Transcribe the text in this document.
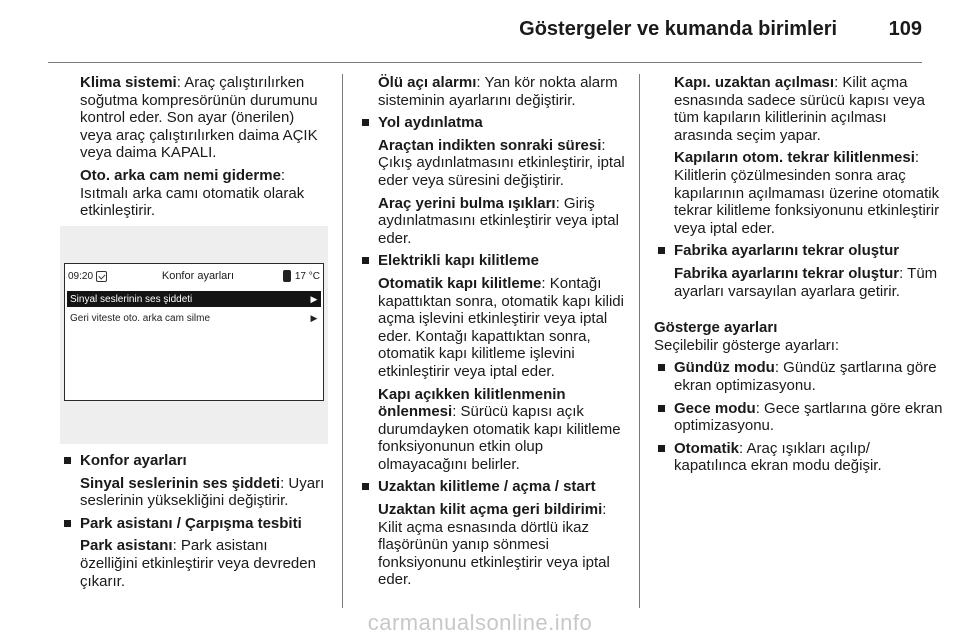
Göstergeler ve kumanda birimleri	109

Klima sistemi: Araç çalıştırılırken soğutma kompresörünün durumunu kontrol eder. Son ayar (önerilen) veya araç çalıştırılırken daima AÇIK veya daima KAPALI.

Oto. arka cam nemi giderme: Isıtmalı arka camı otomatik olarak etkinleştirir.

09:20	Konfor ayarları	17 °C
Sinyal seslerinin ses şiddeti	▶
Geri viteste oto. arka cam silme	▶
Konfor ayarları

Sinyal seslerinin ses şiddeti: Uyarı seslerinin yüksekliğini değiştirir.

Park asistanı / Çarpışma tesbiti

Park asistanı: Park asistanı özelliğini etkinleştirir veya devreden çıkarır.

Ölü açı alarmı: Yan kör nokta alarm sisteminin ayarlarını değiştirir.

Yol aydınlatma

Araçtan indikten sonraki süresi: Çıkış aydınlatmasını etkinleştirir, iptal eder veya süresini değiştirir.

Araç yerini bulma ışıkları: Giriş aydınlatmasını etkinleştirir veya iptal eder.

Elektrikli kapı kilitleme

Otomatik kapı kilitleme: Kontağı kapattıktan sonra, otomatik kapı kilidi açma işlevini etkinleştirir veya iptal eder. Kontağı kapattıktan sonra, otomatik kapı kilitleme işlevini etkinleştirir veya iptal eder.

Kapı açıkken kilitlenmenin önlenmesi: Sürücü kapısı açık durumdayken otomatik kapı kilitleme fonksiyonunun etkin olup olmayacağını belirler.

Uzaktan kilitleme / açma / start

Uzaktan kilit açma geri bildirimi: Kilit açma esnasında dörtlü ikaz flaşörünün yanıp sönmesi fonksiyonunu etkinleştirir veya iptal eder.

Kapı. uzaktan açılması: Kilit açma esnasında sadece sürücü kapısı veya tüm kapıların kilitlerinin açılması arasında seçim yapar.

Kapıların otom. tekrar kilitlenmesi: Kilitlerin çözülmesinden sonra araç kapılarının açılmaması üzerine otomatik tekrar kilitleme fonksiyonunu etkinleştirir veya iptal eder.

Fabrika ayarlarını tekrar oluştur

Fabrika ayarlarını tekrar oluştur: Tüm ayarları varsayılan ayarlara getirir.

Gösterge ayarları

Seçilebilir gösterge ayarları:

Gündüz modu: Gündüz şartlarına göre ekran optimizasyonu.
Gece modu: Gece şartlarına göre ekran optimizasyonu.
Otomatik: Araç ışıkları açılıp/ kapatılınca ekran modu değişir.
carmanualsonline.info
